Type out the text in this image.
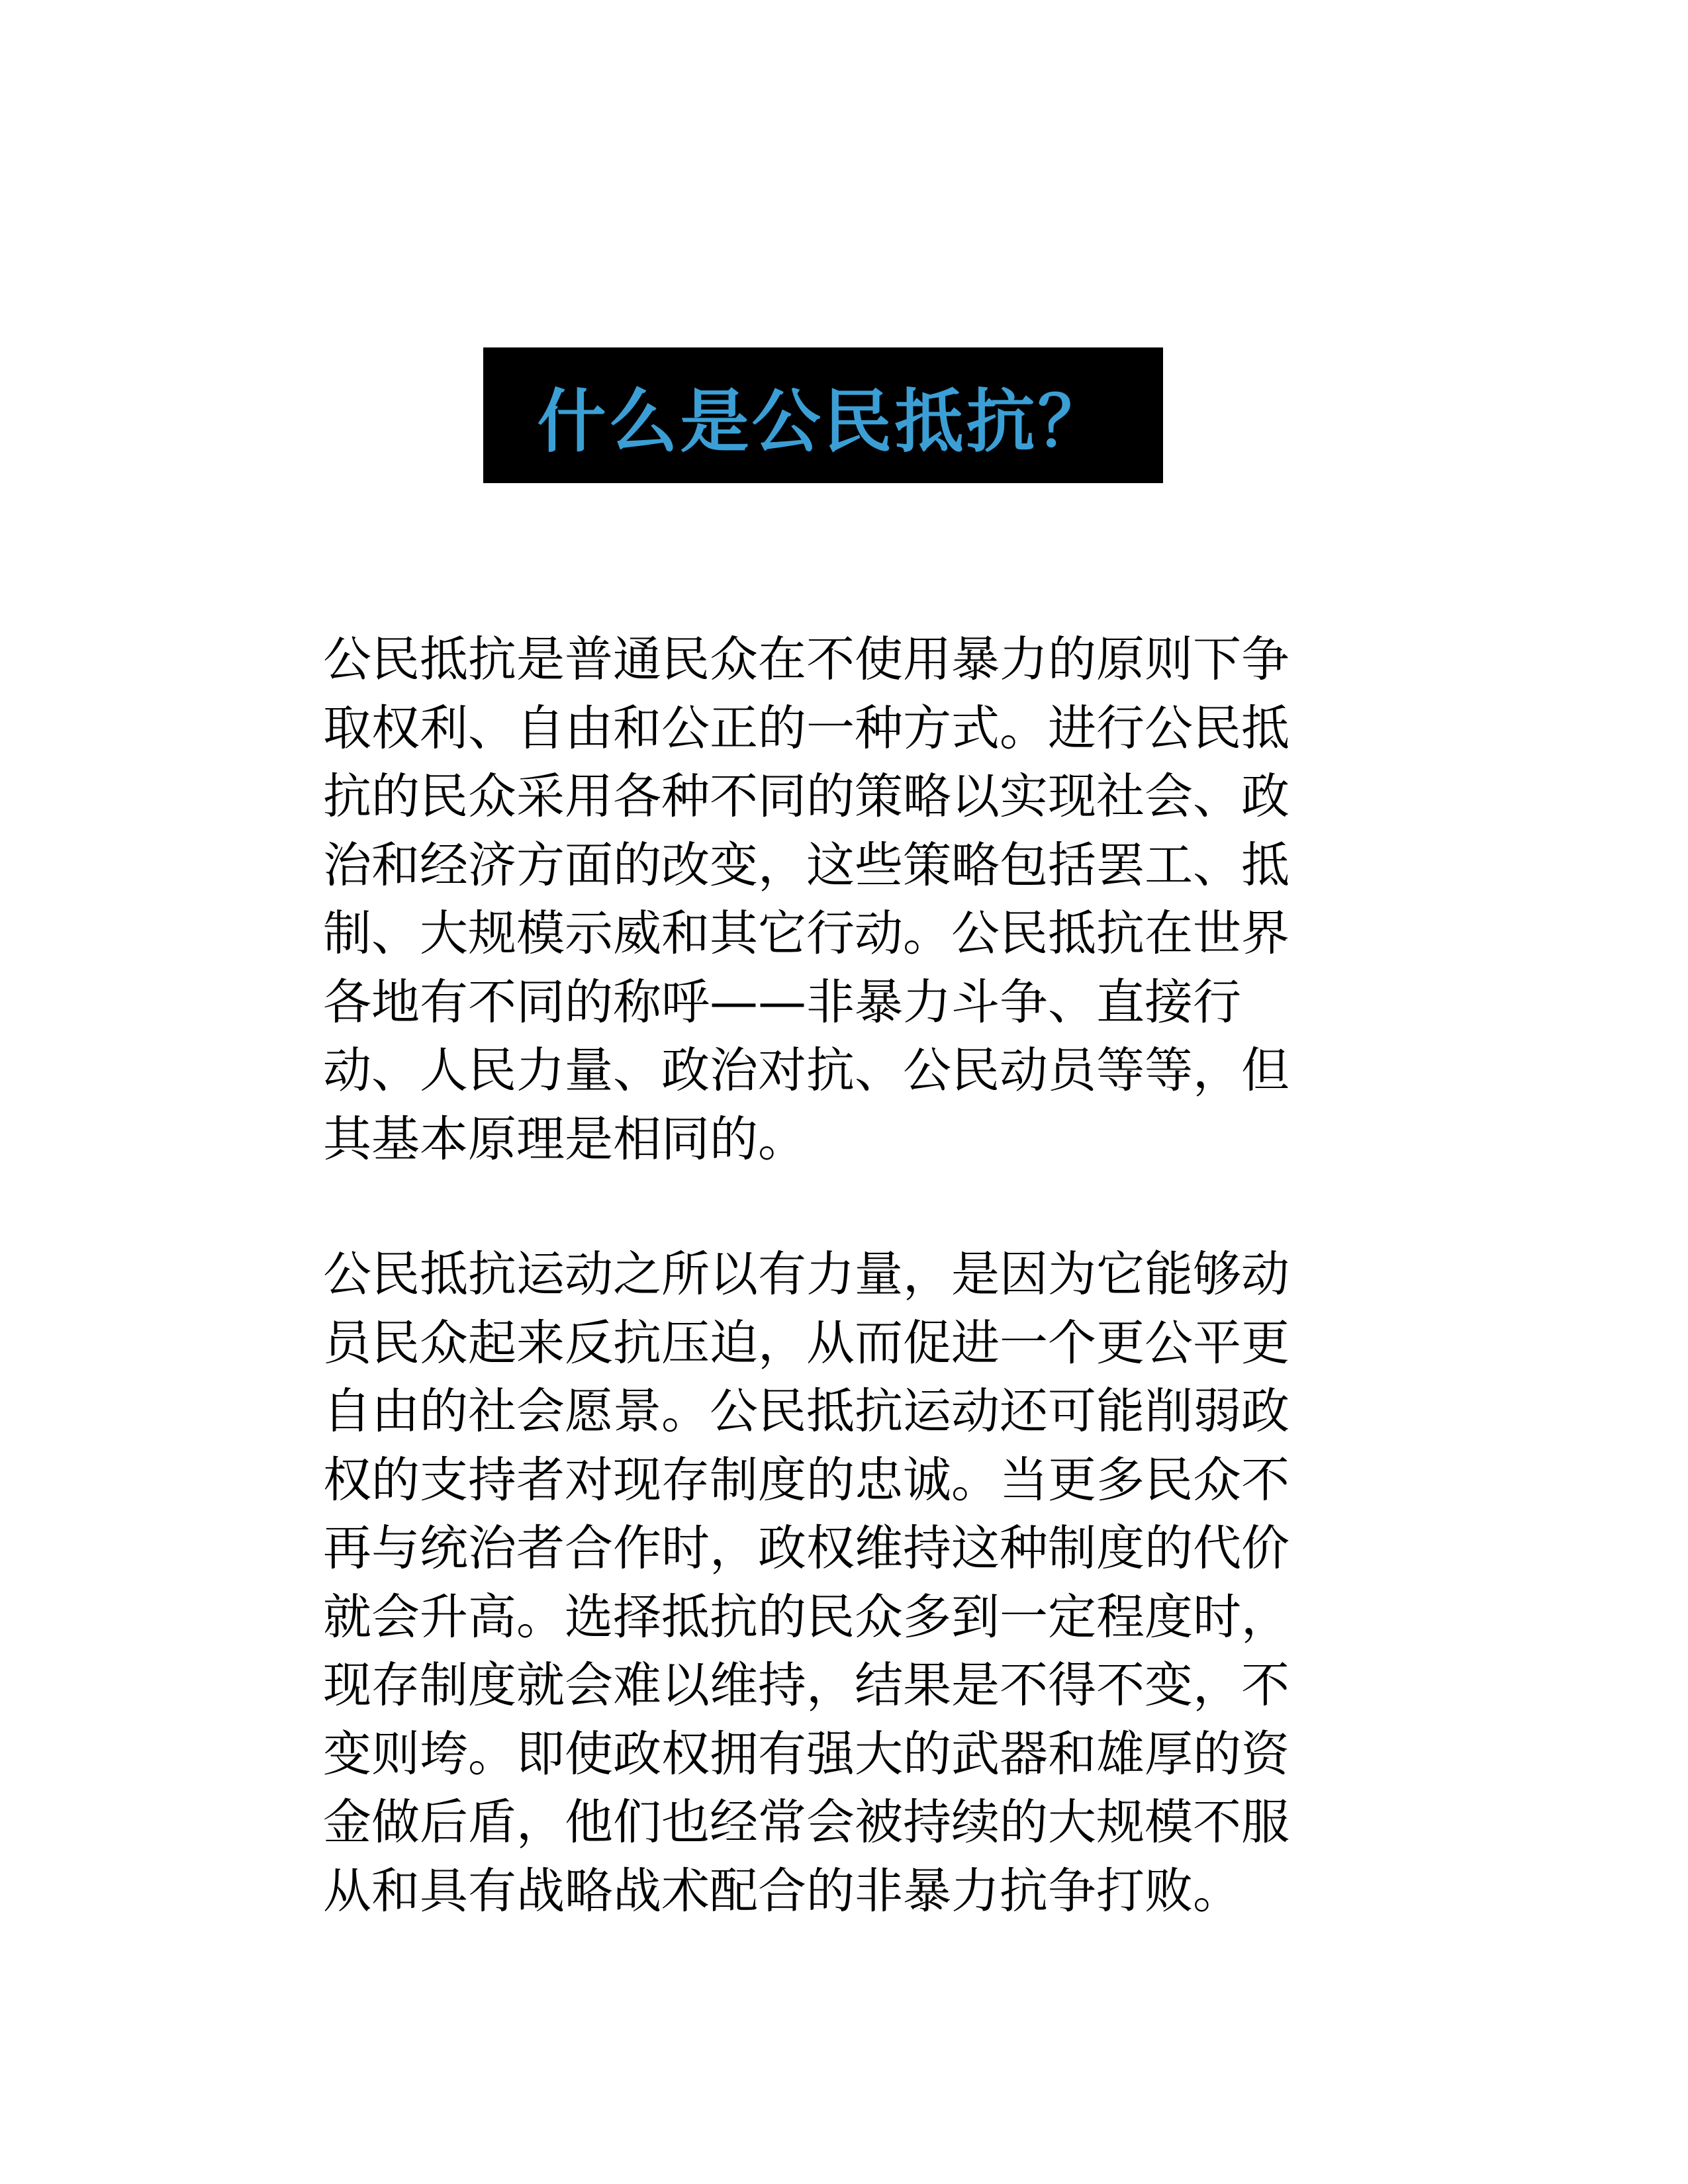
什么是公民抵抗？
公民抵抗是普通民众在不使用暴力的原则下争
取权利、自由和公正的一种方式。进行公民抵
抗的民众采用各种不同的策略以实现社会、政
治和经济方面的改变，这些策略包括罢工、抵
制、大规模示威和其它行动。公民抵抗在世界
各地有不同的称呼——非暴力斗争、直接行
动、人民力量、政治对抗、公民动员等等，但
其基本原理是相同的。
公民抵抗运动之所以有力量，是因为它能够动
员民众起来反抗压迫，从而促进一个更公平更
自由的社会愿景。公民抵抗运动还可能削弱政
权的支持者对现存制度的忠诚。当更多民众不
再与统治者合作时，政权维持这种制度的代价
就会升高。选择抵抗的民众多到一定程度时，
现存制度就会难以维持，结果是不得不变，不
变则垮。即使政权拥有强大的武器和雄厚的资
金做后盾，他们也经常会被持续的大规模不服
从和具有战略战术配合的非暴力抗争打败。
